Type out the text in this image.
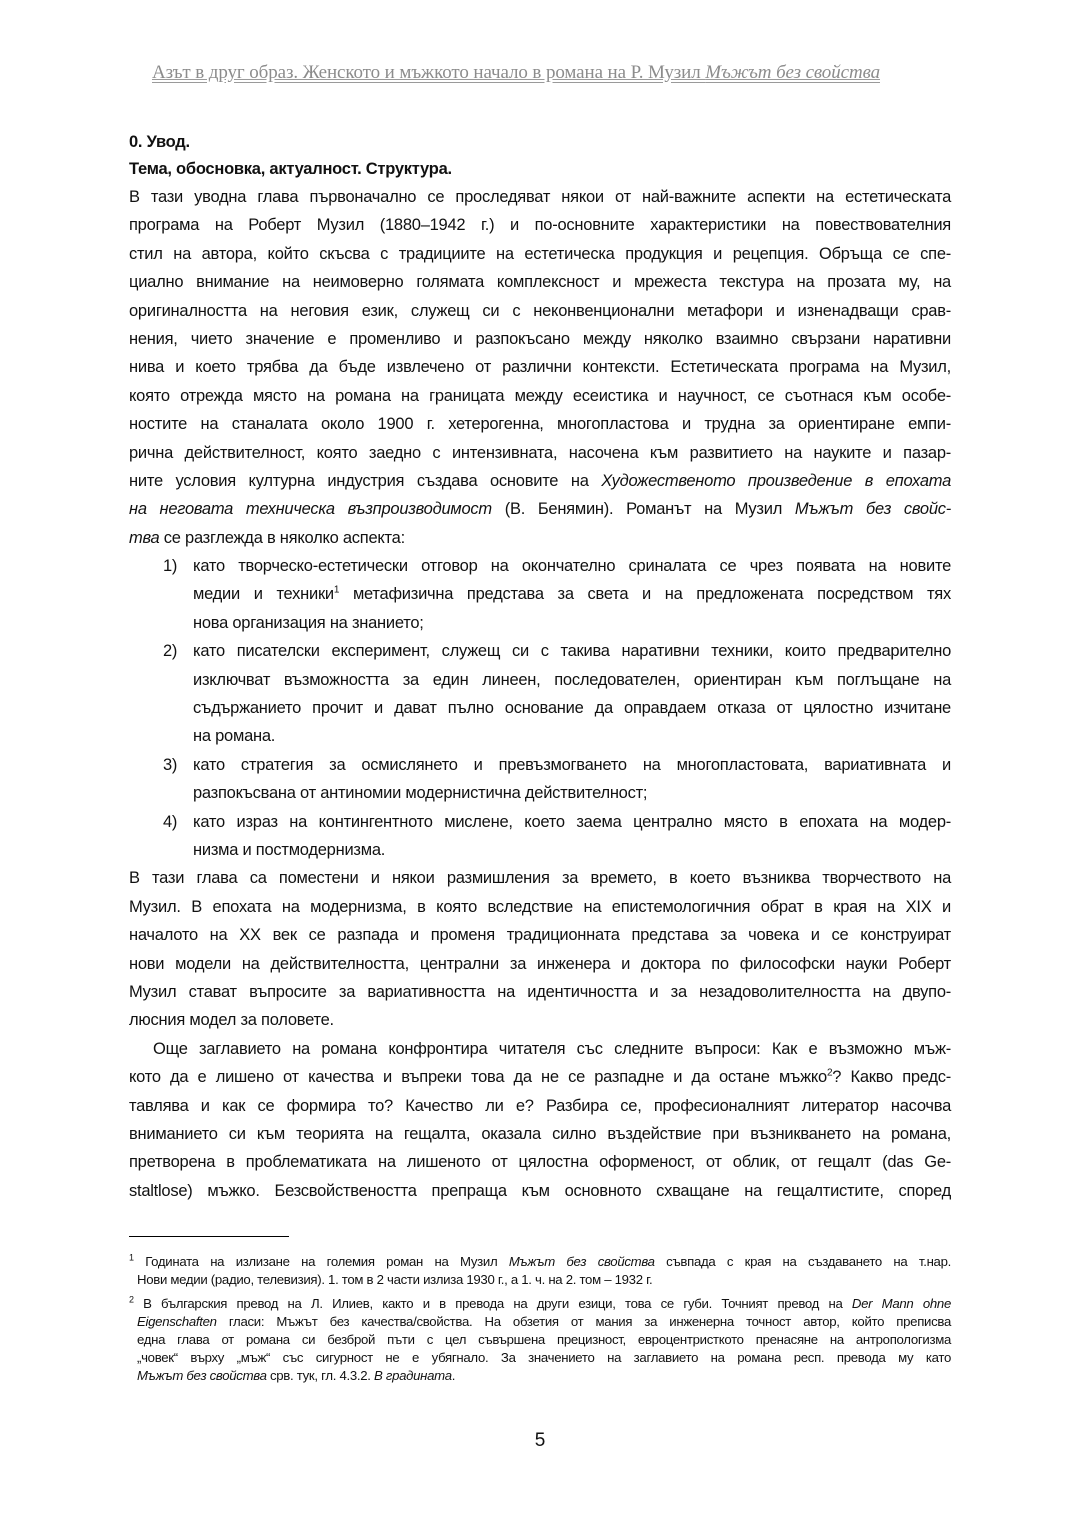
Азът в друг образ. Женското и мъжкото начало в романа на Р. Музил Мъжът без свойства
0. Увод.
Тема, обосновка, актуалност. Структура.
В тази уводна глава първоначално се проследяват някои от най-важните аспекти на естетическата
програма на Роберт Музил (1880–1942 г.) и по-основните характеристики на повествователния
стил на автора, който скъсва с традициите на естетическа продукция и рецепция. Обръща се спе-
циално внимание на неимоверно голямата комплексност и мрежеста текстура на прозата му, на
оригиналността на неговия език, служещ си с неконвенционални метафори и изненадващи срав-
нения, чието значение е променливо и разпокъсано между няколко взаимно свързани наративни
нива и което трябва да бъде извлечено от различни контексти. Естетическата програма на Музил,
която отрежда място на романа на границата между есеистика и научност, се съотнася към особе-
ностите на станалата около 1900 г. хетерогенна, многопластова и трудна за ориентиране емпи-
рична действителност, която заедно с интензивната, насочена към развитието на науките и пазар-
ните условия културна индустрия създава основите на Художественото произведение в епохата
на неговата техническа възпроизводимост (В. Бенямин). Романът на Музил Мъжът без свойс-
тва се разглежда в няколко аспекта:
1) като творческо-естетически отговор на окончателно сриналата се чрез появата на новите
медии и техники$^1$ метафизична представа за света и на предложената посредством тях
нова организация на знанието;
2) като писателски експеримент, служещ си с такива наративни техники, които предварително
изключват възможността за един линеен, последователен, ориентиран към поглъщане на
съдържанието прочит и дават пълно основание да оправдаем отказа от цялостно изчитане
на романа.
3) като стратегия за осмислянето и превъзмогването на многопластовата, вариативната и
разпокъсвана от антиномии модернистична действителност;
4) като израз на контингентното мислене, което заема централно място в епохата на модер-
низма и постмодернизма.
В тази глава са поместени и някои размишления за времето, в което възниква творчеството на
Музил. В епохата на модернизма, в която вследствие на епистемологичния обрат в края на XIX и
началото на XX век се разпада и променя традиционната представа за човека и се конструират
нови модели на действителността, централни за инженера и доктора по философски науки Роберт
Музил стават въпросите за вариативността на идентичността и за незадоволителността на двупо-
люсния модел за половете.
Още заглавието на романа конфронтира читателя със следните въпроси: Как е възможно мъж-
кото да е лишено от качества и въпреки това да не се разпадне и да остане мъжко$^2$? Какво предс-
тавлява и как се формира то? Качество ли е? Разбира се, професионалният литератор насочва
вниманието си към теорията на гещалта, оказала силно въздействие при възникването на романа,
претворена в проблематиката на лишеното от цялостна оформеност, от облик, от гещалт (das Ge-
staltlose) мъжко. Безсвойствеността препраща към основното схващане на гещалтистите, според
$^1$ Годината на излизане на големия роман на Музил Мъжът без свойства съвпада с края на създаването на т.нар.
Нови медии (радио, телевизия). 1. том в 2 части излиза 1930 г., а 1. ч. на 2. том – 1932 г.
$^2$ В българския превод на Л. Илиев, както и в превода на други езици, това се губи. Точният превод на Der Mann ohne
Eigenschaften гласи: Мъжът без качества/свойства. На обзетия от мания за инженерна точност автор, който преписва
една глава от романа си безброй пъти с цел съвършена прецизност, евроцентристкото пренасяне на антропологизма
„човек“ върху „мъж“ със сигурност не е убягнало. За значението на заглавието на романа респ. превода му като
Мъжът без свойства срв. тук, гл. 4.3.2. В градината.
5
